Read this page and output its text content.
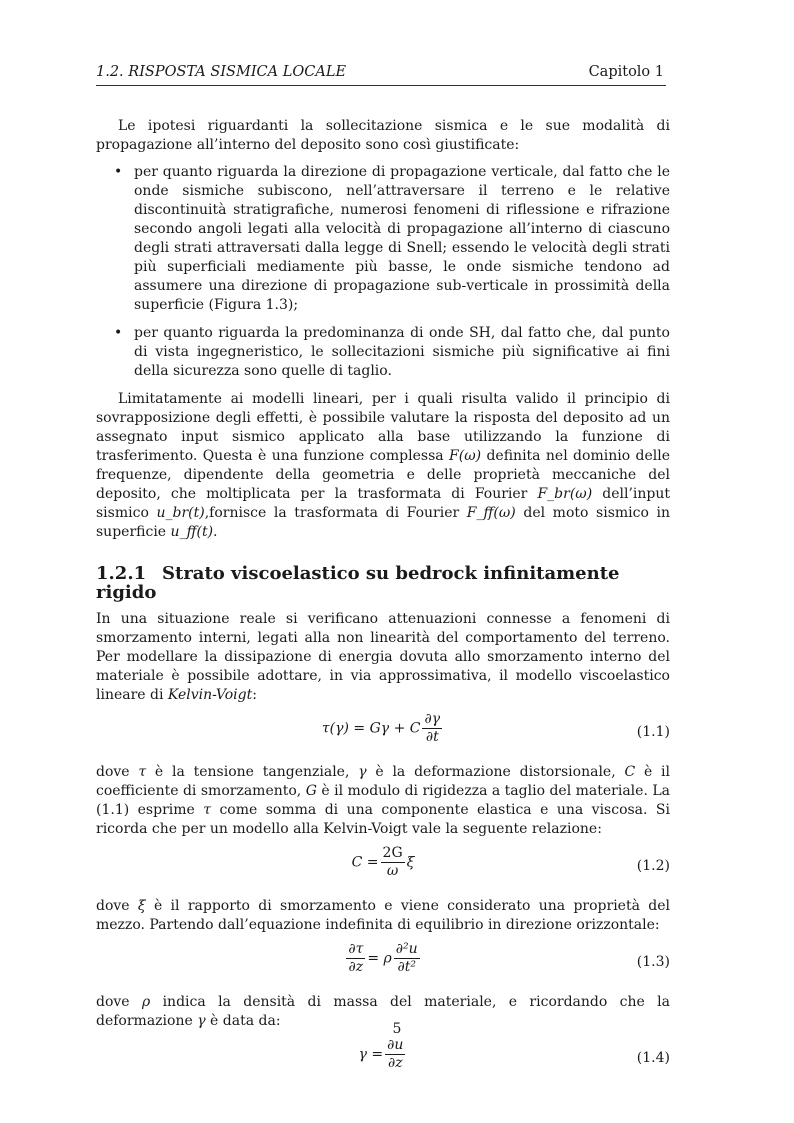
1.2. RISPOSTA SISMICA LOCALE	Capitolo 1

Le ipotesi riguardanti la sollecitazione sismica e le sue modalità di propagazione all’interno del deposito sono così giustificate:

• per quanto riguarda la direzione di propagazione verticale, dal fatto che le onde sismiche subiscono, nell’attraversare il terreno e le relative discontinuità stratigrafiche, numerosi fenomeni di riflessione e rifrazione secondo angoli legati alla velocità di propagazione all’interno di ciascuno degli strati attraversati dalla legge di Snell; essendo le velocità degli strati più superficiali mediamente più basse, le onde sismiche tendono ad assumere una direzione di propagazione sub-verticale in prossimità della superficie (Figura 1.3);
• per quanto riguarda la predominanza di onde SH, dal fatto che, dal punto di vista ingegneristico, le sollecitazioni sismiche più significative ai fini della sicurezza sono quelle di taglio.

Limitatamente ai modelli lineari, per i quali risulta valido il principio di sovrapposizione degli effetti, è possibile valutare la risposta del deposito ad un assegnato input sismico applicato alla base utilizzando la funzione di trasferimento. Questa è una funzione complessa F(ω) definita nel dominio delle frequenze, dipendente della geometria e delle proprietà meccaniche del deposito, che moltiplicata per la trasformata di Fourier F_br(ω) dell’input sismico u_br(t),fornisce la trasformata di Fourier F_ff(ω) del moto sismico in superficie u_ff(t).

1.2.1 Strato viscoelastico su bedrock infinitamente rigido

In una situazione reale si verificano attenuazioni connesse a fenomeni di smorzamento interni, legati alla non linearità del comportamento del terreno. Per modellare la dissipazione di energia dovuta allo smorzamento interno del materiale è possibile adottare, in via approssimativa, il modello viscoelastico lineare di Kelvin-Voigt:

τ(γ) = Gγ + C $\frac{\partial\gamma}{\partial t}$	(1.1)

dove τ è la tensione tangenziale, γ è la deformazione distorsionale, C è il coefficiente di smorzamento, G è il modulo di rigidezza a taglio del materiale. La (1.1) esprime τ come somma di una componente elastica e una viscosa. Si ricorda che per un modello alla Kelvin-Voigt vale la seguente relazione:

$C = \frac{2G}{\omega}$ ξ	(1.2)

dove ξ è il rapporto di smorzamento e viene considerato una proprietà del mezzo. Partendo dall’equazione indefinita di equilibrio in direzione orizzontale:

$\frac{\partial\tau}{\partial z} = \rho \frac{\text{∂²u}}{\text{∂t²}}$	(1.3)

dove ρ indica la densità di massa del materiale, e ricordando che la deformazione γ è data da:

$\gamma = \frac{\partial u}{\partial z}$	(1.4)
5
